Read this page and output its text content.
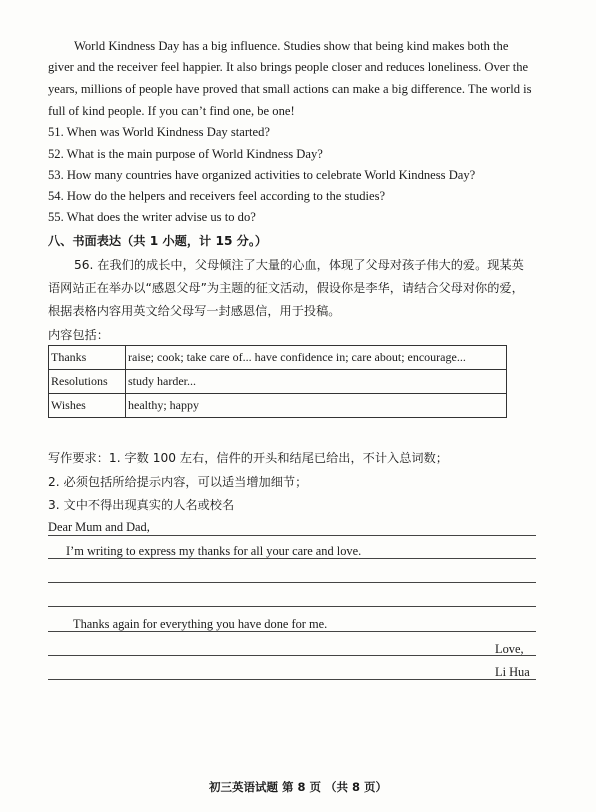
World Kindness Day has a big influence. Studies show that being kind makes both the
giver and the receiver feel happier. It also brings people closer and reduces loneliness. Over the
years, millions of people have proved that small actions can make a big difference. The world is
full of kind people. If you can’t find one, be one!
51. When was World Kindness Day started?
52. What is the main purpose of World Kindness Day?
53. How many countries have organized activities to celebrate World Kindness Day?
54. How do the helpers and receivers feel according to the studies?
55. What does the writer advise us to do?
八、书面表达（共 1 小题，计 15 分。）
56. 在我们的成长中，父母倾注了大量的心血，体现了父母对孩子伟大的爱。现某英
语网站正在举办以“感恩父母”为主题的征文活动，假设你是李华，请结合父母对你的爱，
根据表格内容用英文给父母写一封感恩信，用于投稿。
内容包括：
Thanks	raise; cook; take care of... have confidence in; care about; encourage...
Resolutions	study harder...
Wishes	healthy; happy
写作要求：1. 字数 100 左右，信件的开头和结尾已给出，不计入总词数；
2. 必须包括所给提示内容，可以适当增加细节；
3. 文中不得出现真实的人名或校名
Dear Mum and Dad,
I’m writing to express my thanks for all your care and love.
Thanks again for everything you have done for me.
Love,
Li Hua
初三英语试题 第 8 页 （共 8 页）
